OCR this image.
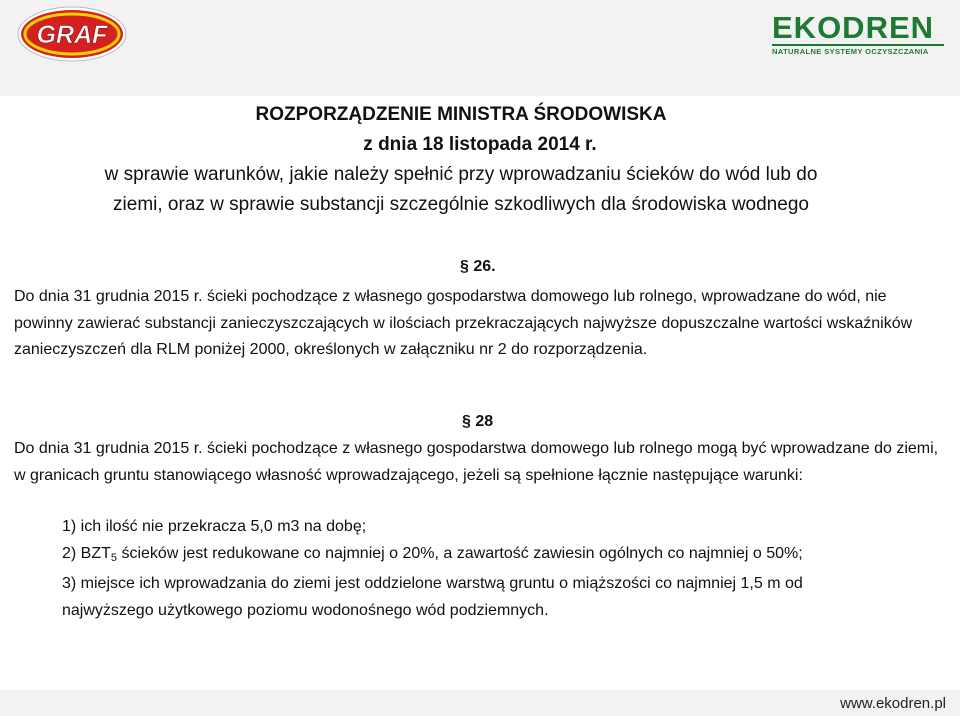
GRAF	EKODREN
NATURALNE SYSTEMY OCZYSZCZANIA
ROZPORZĄDZENIE MINISTRA ŚRODOWISKA
z dnia 18 listopada 2014 r.
w sprawie warunków, jakie należy spełnić przy wprowadzaniu ścieków do wód lub do
ziemi, oraz w sprawie substancji szczególnie szkodliwych dla środowiska wodnego
§ 26.
Do dnia 31 grudnia 2015 r. ścieki pochodzące z własnego gospodarstwa domowego lub rolnego, wprowadzane do wód, nie powinny zawierać substancji zanieczyszczających w ilościach przekraczających najwyższe dopuszczalne wartości wskaźników zanieczyszczeń dla RLM poniżej 2000, określonych w załączniku nr 2 do rozporządzenia.
§ 28
Do dnia 31 grudnia 2015 r. ścieki pochodzące z własnego gospodarstwa domowego lub rolnego mogą być wprowadzane do ziemi, w granicach gruntu stanowiącego własność wprowadzającego, jeżeli są spełnione łącznie następujące warunki:
1) ich ilość nie przekracza 5,0 m3 na dobę;
2) $BZT_5$ ścieków jest redukowane co najmniej o 20%, a zawartość zawiesin ogólnych co najmniej o 50%;
3) miejsce ich wprowadzania do ziemi jest oddzielone warstwą gruntu o miąższości co najmniej 1,5 m od
najwyższego użytkowego poziomu wodonośnego wód podziemnych.
www.ekodren.pl
